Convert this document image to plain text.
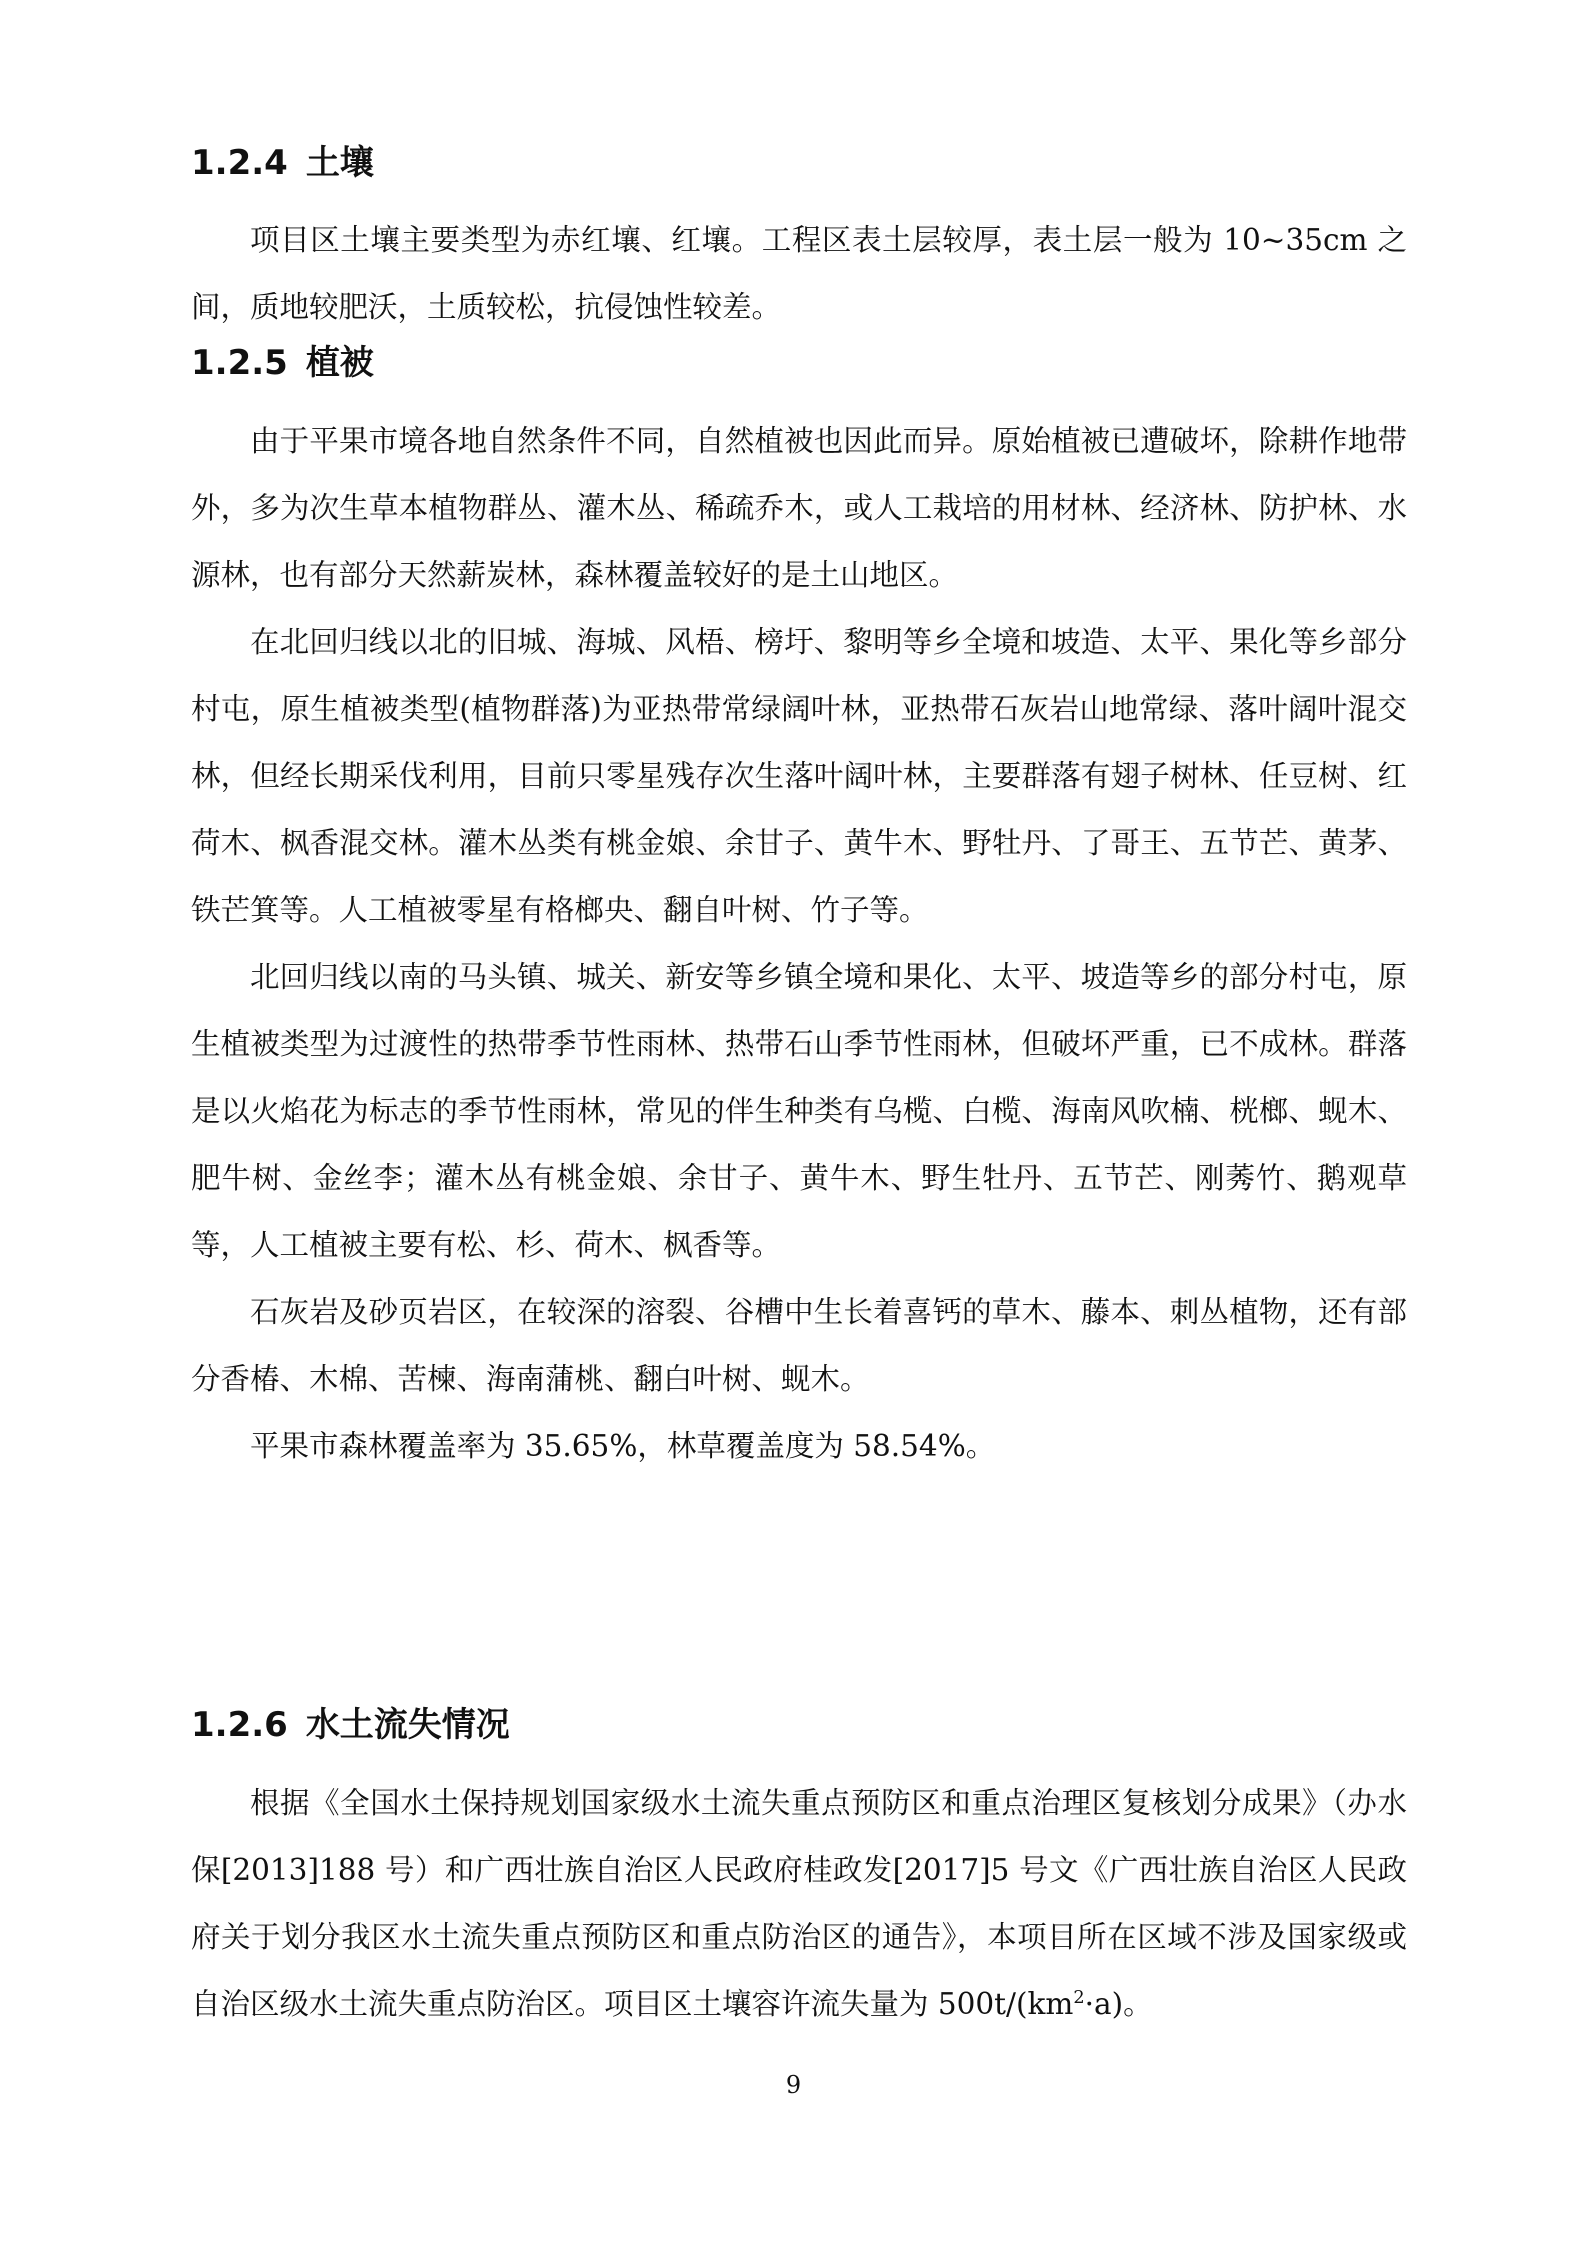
1.2.4 土壤

项目区土壤主要类型为赤红壤、红壤。工程区表土层较厚，表土层一般为 10~35cm 之间，质地较肥沃，土质较松，抗侵蚀性较差。

1.2.5 植被

由于平果市境各地自然条件不同，自然植被也因此而异。原始植被已遭破坏，除耕作地带外，多为次生草本植物群丛、灌木丛、稀疏乔木，或人工栽培的用材林、经济林、防护林、水源林，也有部分天然薪炭林，森林覆盖较好的是土山地区。

在北回归线以北的旧城、海城、风梧、榜圩、黎明等乡全境和坡造、太平、果化等乡部分村屯，原生植被类型(植物群落)为亚热带常绿阔叶林，亚热带石灰岩山地常绿、落叶阔叶混交林，但经长期采伐利用，目前只零星残存次生落叶阔叶林，主要群落有翅子树林、任豆树、红荷木、枫香混交林。灌木丛类有桃金娘、余甘子、黄牛木、野牡丹、了哥王、五节芒、黄茅、铁芒箕等。人工植被零星有格榔央、翻自叶树、竹子等。

北回归线以南的马头镇、城关、新安等乡镇全境和果化、太平、坡造等乡的部分村屯，原生植被类型为过渡性的热带季节性雨林、热带石山季节性雨林，但破坏严重，已不成林。群落是以火焰花为标志的季节性雨林，常见的伴生种类有乌榄、白榄、海南风吹楠、桄榔、蚬木、肥牛树、金丝李；灌木丛有桃金娘、余甘子、黄牛木、野生牡丹、五节芒、刚莠竹、鹅观草等，人工植被主要有松、杉、荷木、枫香等。

石灰岩及砂页岩区，在较深的溶裂、谷槽中生长着喜钙的草木、藤本、刺丛植物，还有部分香椿、木棉、苦楝、海南蒲桃、翻白叶树、蚬木。

平果市森林覆盖率为 35.65%，林草覆盖度为 58.54%。

1.2.6 水土流失情况

根据《全国水土保持规划国家级水土流失重点预防区和重点治理区复核划分成果》（办水保[2013]188 号）和广西壮族自治区人民政府桂政发[2017]5 号文《广西壮族自治区人民政府关于划分我区水土流失重点预防区和重点防治区的通告》，本项目所在区域不涉及国家级或自治区级水土流失重点防治区。项目区土壤容许流失量为 $500t/(km^2\cdot a)$。

9
